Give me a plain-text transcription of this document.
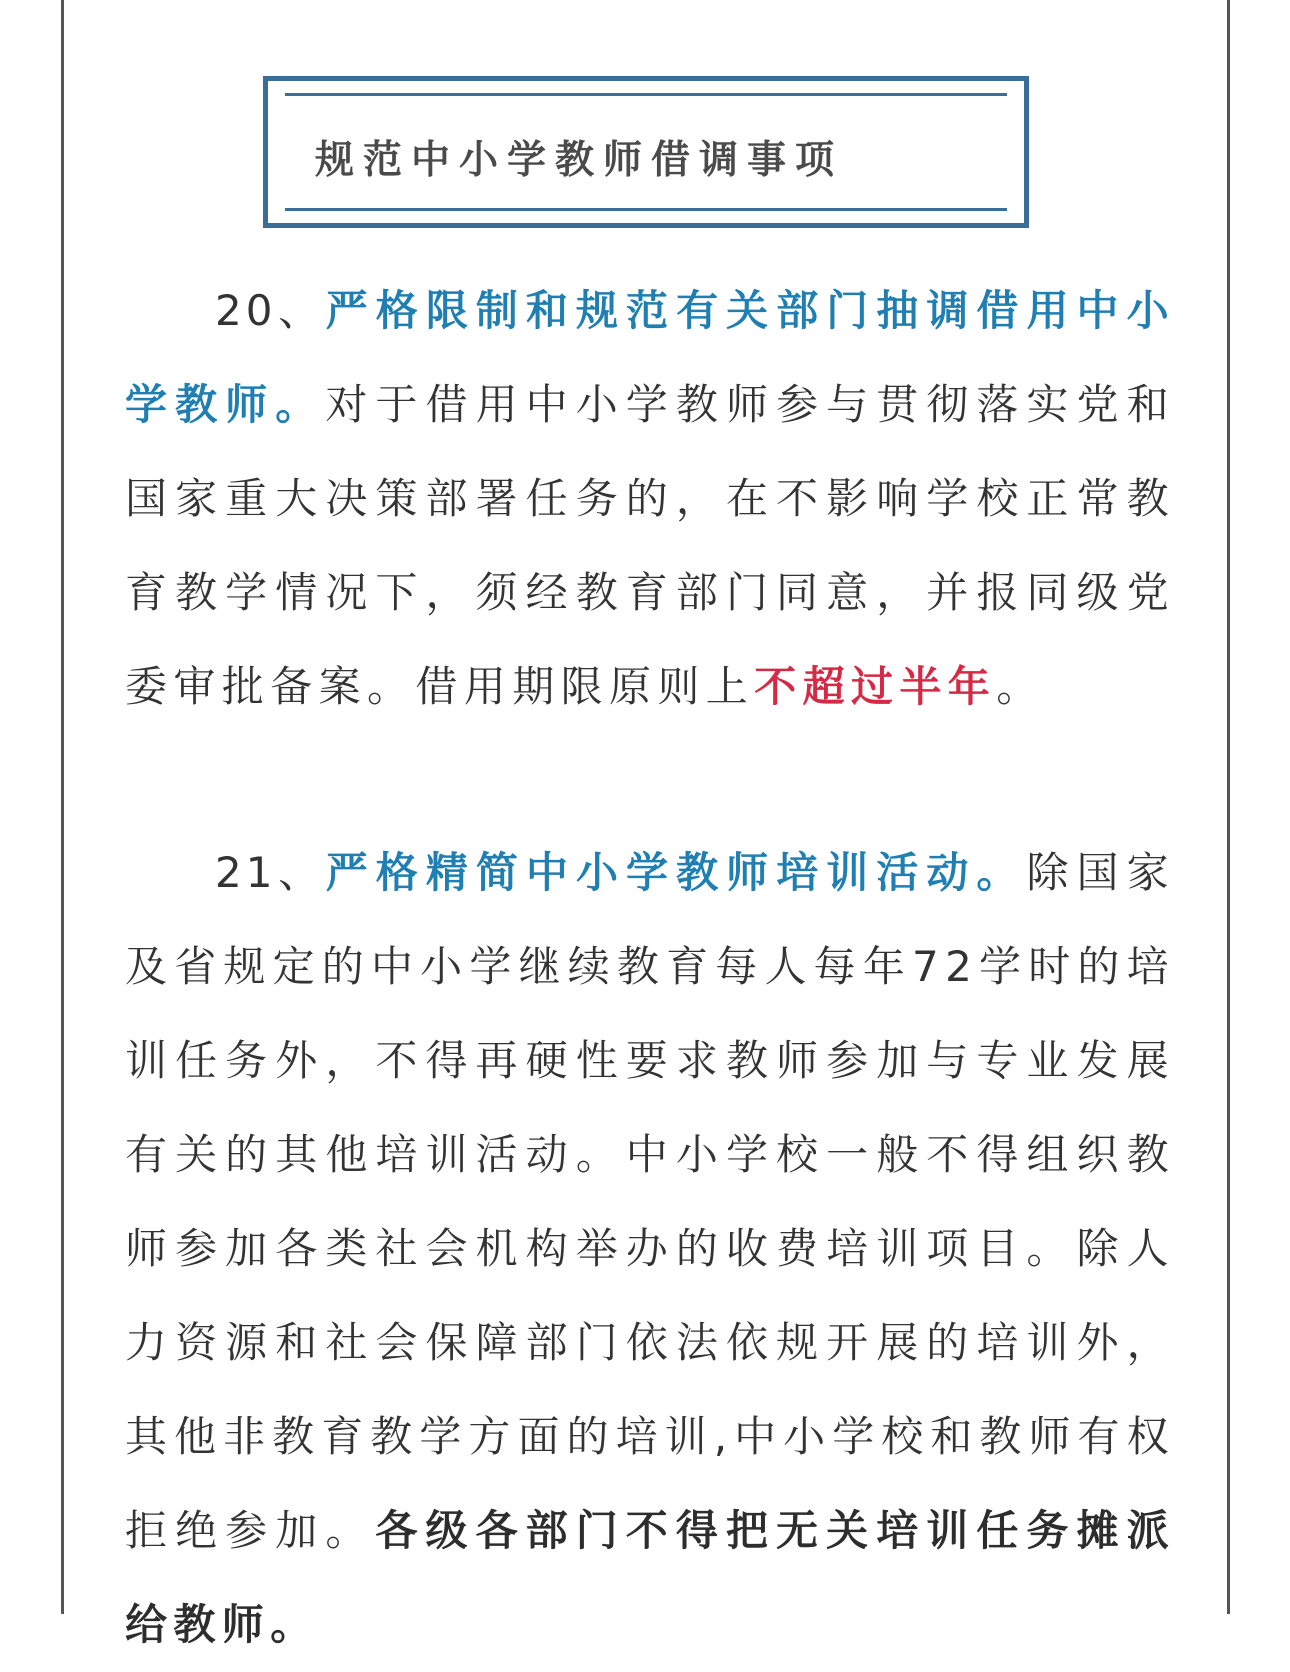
规范中小学教师借调事项

20、严格限制和规范有关部门抽调借用中小学教师。对于借用中小学教师参与贯彻落实党和国家重大决策部署任务的，在不影响学校正常教育教学情况下，须经教育部门同意，并报同级党委审批备案。借用期限原则上不超过半年。

21、严格精简中小学教师培训活动。除国家及省规定的中小学继续教育每人每年72学时的培训任务外，不得再硬性要求教师参加与专业发展有关的其他培训活动。中小学校一般不得组织教师参加各类社会机构举办的收费培训项目。除人力资源和社会保障部门依法依规开展的培训外，其他非教育教学方面的培训,中小学校和教师有权拒绝参加。各级各部门不得把无关培训任务摊派给教师。
